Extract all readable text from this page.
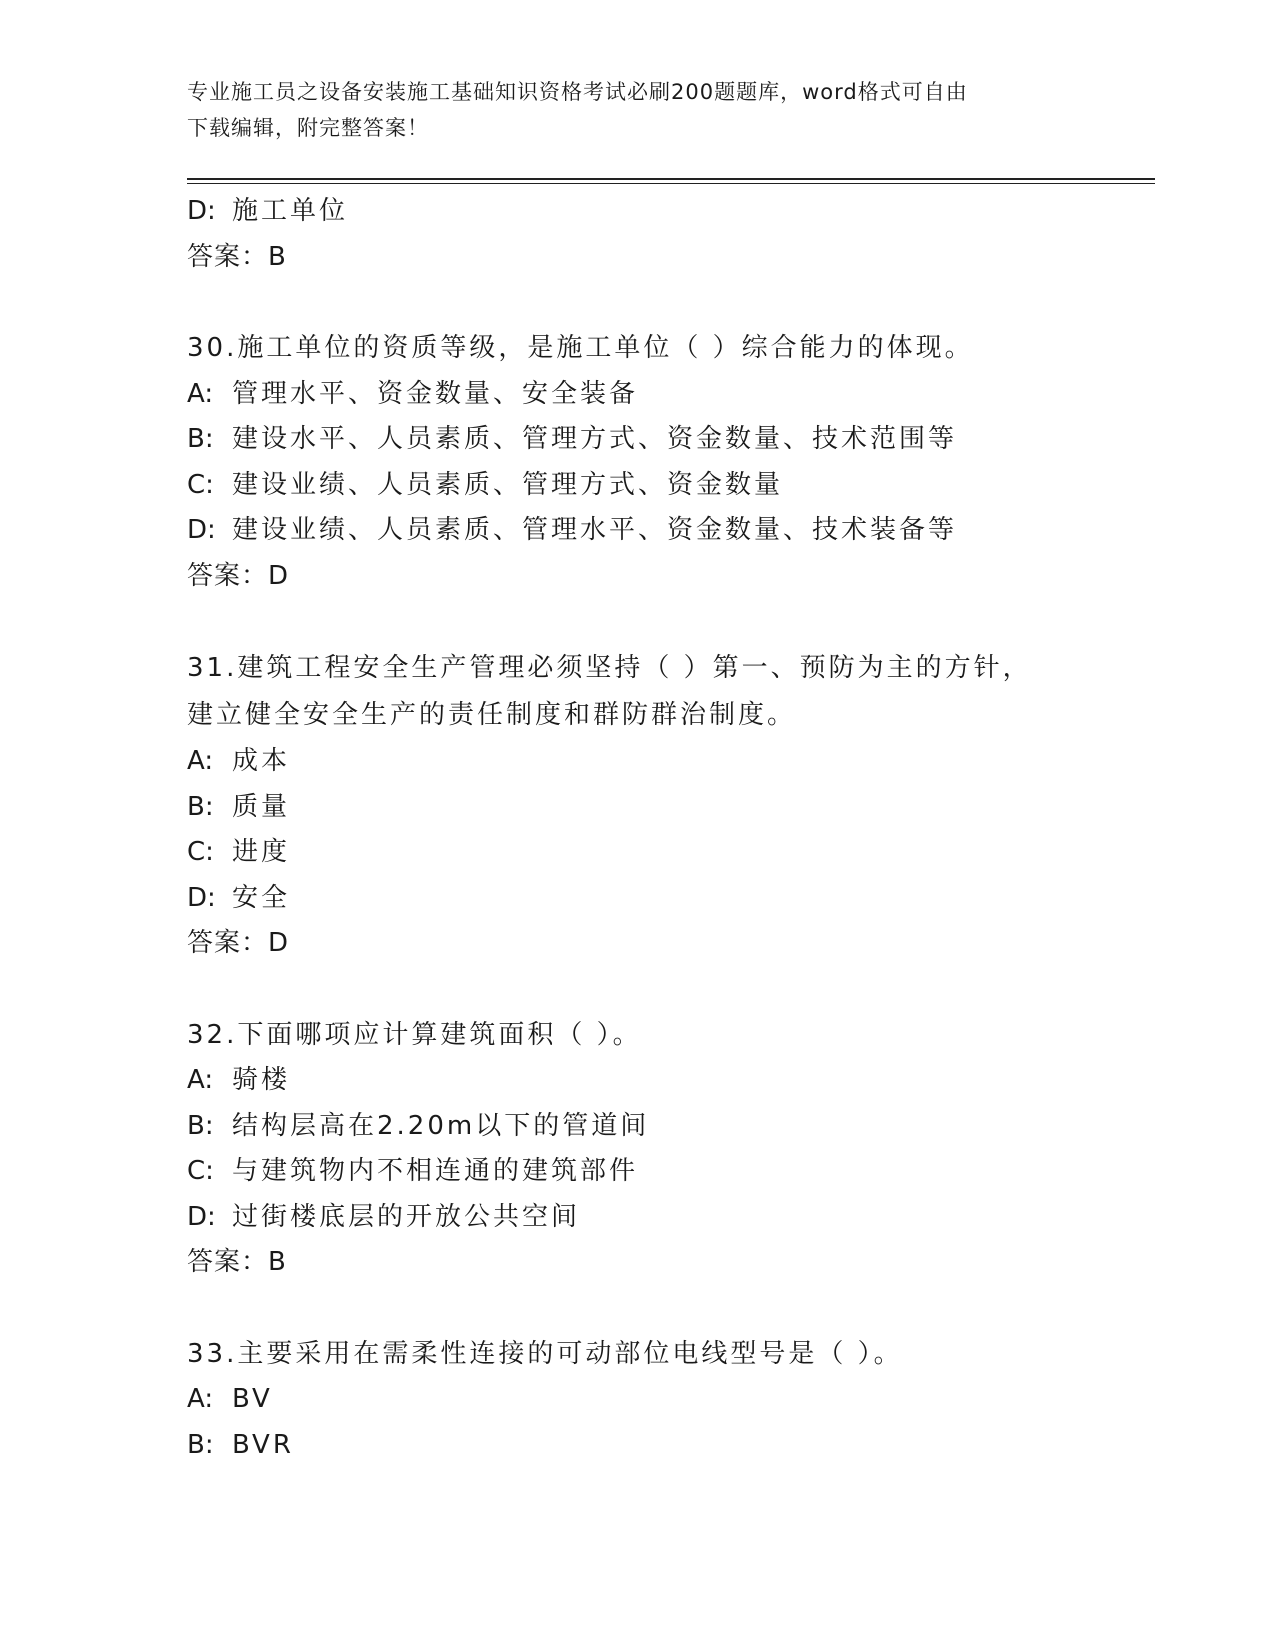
专业施工员之设备安装施工基础知识资格考试必刷200题题库，word格式可自由
下载编辑，附完整答案！
D: 施工单位
答案：B
30.施工单位的资质等级，是施工单位（ ）综合能力的体现。
A: 管理水平、资金数量、安全装备
B: 建设水平、人员素质、管理方式、资金数量、技术范围等
C: 建设业绩、人员素质、管理方式、资金数量
D: 建设业绩、人员素质、管理水平、资金数量、技术装备等
答案：D
31.建筑工程安全生产管理必须坚持（ ）第一、预防为主的方针，建立健全安全生产的责任制度和群防群治制度。
A: 成本
B: 质量
C: 进度
D: 安全
答案：D
32.下面哪项应计算建筑面积（ ）。
A: 骑楼
B: 结构层高在2.20m以下的管道间
C: 与建筑物内不相连通的建筑部件
D: 过街楼底层的开放公共空间
答案：B
33.主要采用在需柔性连接的可动部位电线型号是（ ）。
A: BV
B: BVR
